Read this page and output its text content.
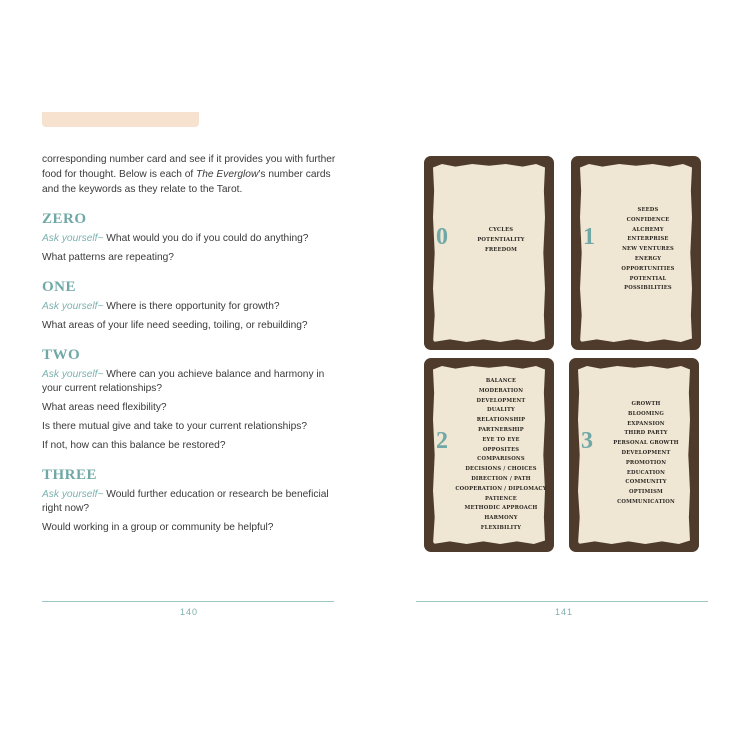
corresponding number card and see if it provides you with further food for thought. Below is each of The Everglow’s number cards and the keywords as they relate to the Tarot.

ZERO

Ask yourself~ What would you do if you could do anything?

What patterns are repeating?

ONE

Ask yourself~ Where is there opportunity for growth?

What areas of your life need seeding, toiling, or rebuilding?

TWO

Ask yourself~ Where can you achieve balance and harmony in your current relationships?

What areas need flexibility?

Is there mutual give and take to your current relationships?

If not, how can this balance be restored?

THREE

Ask yourself~ Would further education or research be beneficial right now?

Would working in a group or community be helpful?

140
0	CYCLES
POTENTIALITY
FREEDOM	1
SEEDS
CONFIDENCE
ALCHEMY
ENTERPRISE
NEW VENTURES
ENERGY
OPPORTUNITIES
POTENTIAL
POSSIBILITIES
2
BALANCE
MODERATION
DEVELOPMENT
DUALITY
RELATIONSHIP
PARTNERSHIP
EYE TO EYE
OPPOSITES
COMPARISONS
DECISIONS / CHOICES
DIRECTION / PATH
COOPERATION / DIPLOMACY
PATIENCE
METHODIC APPROACH
HARMONY
FLEXIBILITY
3
GROWTH
BLOOMING
EXPANSION
THIRD PARTY
PERSONAL GROWTH
DEVELOPMENT
PROMOTION
EDUCATION
COMMUNITY
OPTIMISM
COMMUNICATION
141
